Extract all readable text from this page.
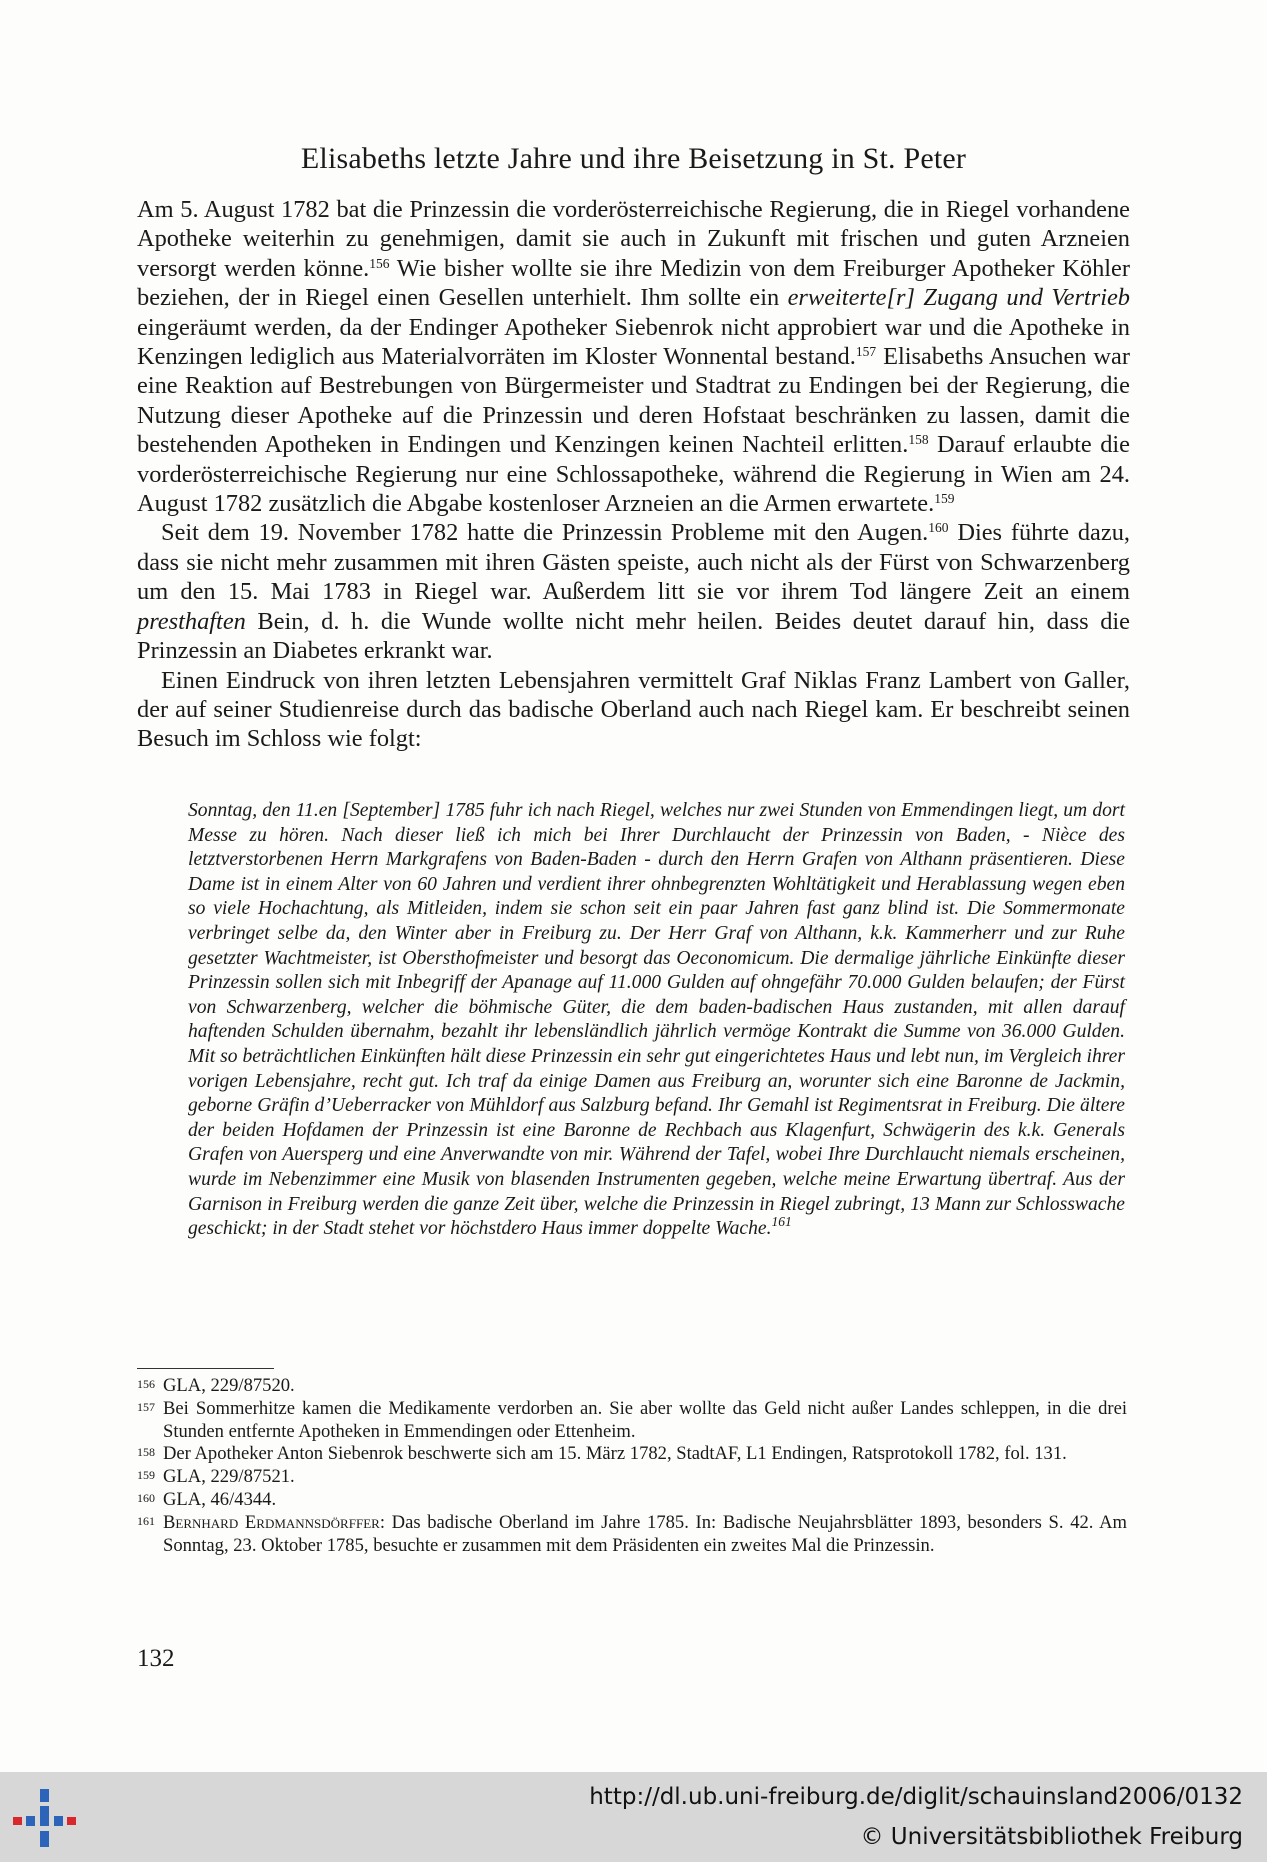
Elisabeths letzte Jahre und ihre Beisetzung in St. Peter

Am 5. August 1782 bat die Prinzessin die vorderösterreichische Regierung, die in Riegel vorhandene Apotheke weiterhin zu genehmigen, damit sie auch in Zukunft mit frischen und guten Arzneien versorgt werden könne.$^{156}$ Wie bisher wollte sie ihre Medizin von dem Freiburger Apotheker Köhler beziehen, der in Riegel einen Gesellen unterhielt. Ihm sollte ein erweiterte[r] Zugang und Vertrieb eingeräumt werden, da der Endinger Apotheker Siebenrok nicht approbiert war und die Apotheke in Kenzingen lediglich aus Materialvorräten im Kloster Wonnental bestand.$^{157}$ Elisabeths Ansuchen war eine Reaktion auf Bestrebungen von Bürgermeister und Stadtrat zu Endingen bei der Regierung, die Nutzung dieser Apotheke auf die Prinzessin und deren Hofstaat beschränken zu lassen, damit die bestehenden Apotheken in Endingen und Kenzingen keinen Nachteil erlitten.$^{158}$ Darauf erlaubte die vorderösterreichische Regierung nur eine Schlossapotheke, während die Regierung in Wien am 24. August 1782 zusätzlich die Abgabe kostenloser Arzneien an die Armen erwartete.$^{159}$

Seit dem 19. November 1782 hatte die Prinzessin Probleme mit den Augen.$^{160}$ Dies führte dazu, dass sie nicht mehr zusammen mit ihren Gästen speiste, auch nicht als der Fürst von Schwarzenberg um den 15. Mai 1783 in Riegel war. Außerdem litt sie vor ihrem Tod längere Zeit an einem presthaften Bein, d. h. die Wunde wollte nicht mehr heilen. Beides deutet darauf hin, dass die Prinzessin an Diabetes erkrankt war.

Einen Eindruck von ihren letzten Lebensjahren vermittelt Graf Niklas Franz Lambert von Galler, der auf seiner Studienreise durch das badische Oberland auch nach Riegel kam. Er beschreibt seinen Besuch im Schloss wie folgt:

Sonntag, den 11.en [September] 1785 fuhr ich nach Riegel, welches nur zwei Stunden von Emmendingen liegt, um dort Messe zu hören. Nach dieser ließ ich mich bei Ihrer Durchlaucht der Prinzessin von Baden, - Nièce des letztverstorbenen Herrn Markgrafens von Baden-Baden - durch den Herrn Grafen von Althann präsentieren. Diese Dame ist in einem Alter von 60 Jahren und verdient ihrer ohnbegrenzten Wohltätigkeit und Herablassung wegen eben so viele Hochachtung, als Mitleiden, indem sie schon seit ein paar Jahren fast ganz blind ist. Die Sommermonate verbringet selbe da, den Winter aber in Freiburg zu. Der Herr Graf von Althann, k.k. Kammerherr und zur Ruhe gesetzter Wachtmeister, ist Obersthofmeister und besorgt das Oeconomicum. Die dermalige jährliche Einkünfte dieser Prinzessin sollen sich mit Inbegriff der Apanage auf 11.000 Gulden auf ohngefähr 70.000 Gulden belaufen; der Fürst von Schwarzenberg, welcher die böhmische Güter, die dem baden-badischen Haus zustanden, mit allen darauf haftenden Schulden übernahm, bezahlt ihr lebensländlich jährlich vermöge Kontrakt die Summe von 36.000 Gulden. Mit so beträchtlichen Einkünften hält diese Prinzessin ein sehr gut eingerichtetes Haus und lebt nun, im Vergleich ihrer vorigen Lebensjahre, recht gut. Ich traf da einige Damen aus Freiburg an, worunter sich eine Baronne de Jackmin, geborne Gräfin d’Ueberracker von Mühldorf aus Salzburg befand. Ihr Gemahl ist Regimentsrat in Freiburg. Die ältere der beiden Hofdamen der Prinzessin ist eine Baronne de Rechbach aus Klagenfurt, Schwägerin des k.k. Generals Grafen von Auersperg und eine Anverwandte von mir. Während der Tafel, wobei Ihre Durchlaucht niemals erscheinen, wurde im Nebenzimmer eine Musik von blasenden Instrumenten gegeben, welche meine Erwartung übertraf. Aus der Garnison in Freiburg werden die ganze Zeit über, welche die Prinzessin in Riegel zubringt, 13 Mann zur Schlosswache geschickt; in der Stadt stehet vor höchstdero Haus immer doppelte Wache.$^{161}$
156 GLA, 229/87520.
157 Bei Sommerhitze kamen die Medikamente verdorben an. Sie aber wollte das Geld nicht außer Landes schleppen, in die drei Stunden entfernte Apotheken in Emmendingen oder Ettenheim.
158 Der Apotheker Anton Siebenrok beschwerte sich am 15. März 1782, StadtAF, L1 Endingen, Ratsprotokoll 1782, fol. 131.
159 GLA, 229/87521.
160 GLA, 46/4344.
161 Bernhard Erdmannsdörffer: Das badische Oberland im Jahre 1785. In: Badische Neujahrsblätter 1893, besonders S. 42. Am Sonntag, 23. Oktober 1785, besuchte er zusammen mit dem Präsidenten ein zweites Mal die Prinzessin.
132
http://dl.ub.uni-freiburg.de/diglit/schauinsland2006/0132
© Universitätsbibliothek Freiburg
